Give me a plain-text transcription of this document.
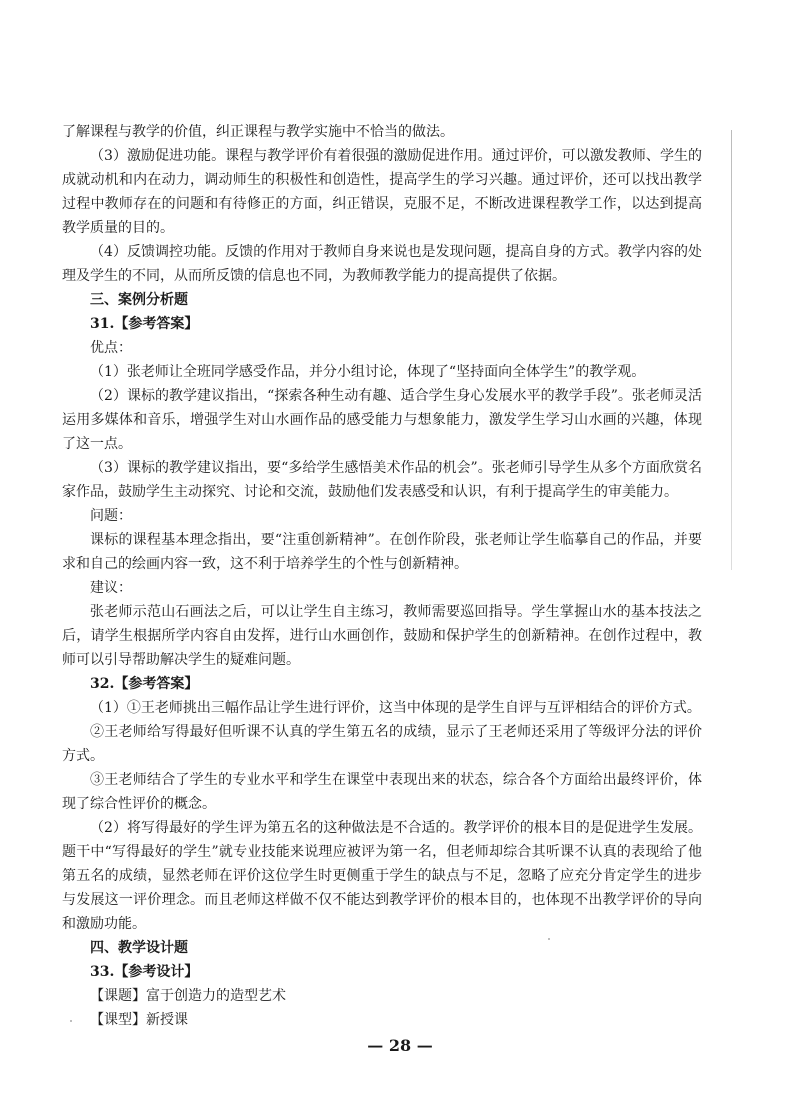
了解课程与教学的价值，纠正课程与教学实施中不恰当的做法。

（3）激励促进功能。课程与教学评价有着很强的激励促进作用。通过评价，可以激发教师、学生的成就动机和内在动力，调动师生的积极性和创造性，提高学生的学习兴趣。通过评价，还可以找出教学过程中教师存在的问题和有待修正的方面，纠正错误，克服不足，不断改进课程教学工作，以达到提高教学质量的目的。

（4）反馈调控功能。反馈的作用对于教师自身来说也是发现问题，提高自身的方式。教学内容的处理及学生的不同，从而所反馈的信息也不同，为教师教学能力的提高提供了依据。

三、案例分析题

31.【参考答案】

优点：

（1）张老师让全班同学感受作品，并分小组讨论，体现了“坚持面向全体学生”的教学观。

（2）课标的教学建议指出，“探索各种生动有趣、适合学生身心发展水平的教学手段”。张老师灵活运用多媒体和音乐，增强学生对山水画作品的感受能力与想象能力，激发学生学习山水画的兴趣，体现了这一点。

（3）课标的教学建议指出，要“多给学生感悟美术作品的机会”。张老师引导学生从多个方面欣赏名家作品，鼓励学生主动探究、讨论和交流，鼓励他们发表感受和认识，有利于提高学生的审美能力。

问题：

课标的课程基本理念指出，要“注重创新精神”。在创作阶段，张老师让学生临摹自己的作品，并要求和自己的绘画内容一致，这不利于培养学生的个性与创新精神。

建议：

张老师示范山石画法之后，可以让学生自主练习，教师需要巡回指导。学生掌握山水的基本技法之后，请学生根据所学内容自由发挥，进行山水画创作，鼓励和保护学生的创新精神。在创作过程中，教师可以引导帮助解决学生的疑难问题。

32.【参考答案】

（1）①王老师挑出三幅作品让学生进行评价，这当中体现的是学生自评与互评相结合的评价方式。

②王老师给写得最好但听课不认真的学生第五名的成绩，显示了王老师还采用了等级评分法的评价方式。

③王老师结合了学生的专业水平和学生在课堂中表现出来的状态，综合各个方面给出最终评价，体现了综合性评价的概念。

（2）将写得最好的学生评为第五名的这种做法是不合适的。教学评价的根本目的是促进学生发展。题干中“写得最好的学生”就专业技能来说理应被评为第一名，但老师却综合其听课不认真的表现给了他第五名的成绩，显然老师在评价这位学生时更侧重于学生的缺点与不足，忽略了应充分肯定学生的进步与发展这一评价理念。而且老师这样做不仅不能达到教学评价的根本目的，也体现不出教学评价的导向和激励功能。

四、教学设计题

33.【参考设计】

【课题】富于创造力的造型艺术

【课型】新授课

— 28 —
